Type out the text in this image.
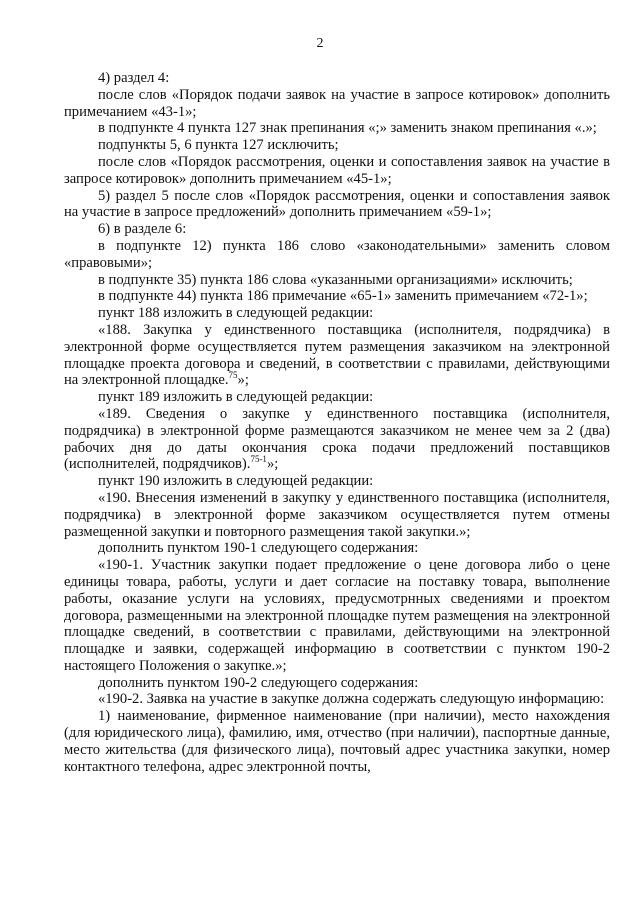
2

4) раздел 4:

после слов «Порядок подачи заявок на участие в запросе котировок» дополнить примечанием «43-1»;

в подпункте 4 пункта 127 знак препинания «;» заменить знаком препинания «.»;

подпункты 5, 6 пункта 127 исключить;

после слов «Порядок рассмотрения, оценки и сопоставления заявок на участие в запросе котировок» дополнить примечанием «45-1»;

5) раздел 5 после слов «Порядок рассмотрения, оценки и сопоставления заявок на участие в запросе предложений» дополнить примечанием «59-1»;

6) в разделе 6:

в подпункте 12) пункта 186 слово «законодательными» заменить словом «правовыми»;

в подпункте 35) пункта 186 слова «указанными организациями» исключить;

в подпункте 44) пункта 186 примечание «65-1» заменить примечанием «72-1»;

пункт 188 изложить в следующей редакции:

«188. Закупка у единственного поставщика (исполнителя, подрядчика) в электронной форме осуществляется путем размещения заказчиком на электронной площадке проекта договора и сведений, в соответствии с правилами, действующими на электронной площадке.$^{75}$»;

пункт 189 изложить в следующей редакции:

«189. Сведения о закупке у единственного поставщика (исполнителя, подрядчика) в электронной форме размещаются заказчиком не менее чем за 2 (два) рабочих дня до даты окончания срока подачи предложений поставщиков (исполнителей, подрядчиков).$^{75-1}$»;

пункт 190 изложить в следующей редакции:

«190. Внесения изменений в закупку у единственного поставщика (исполнителя, подрядчика) в электронной форме заказчиком осуществляется путем отмены размещенной закупки и повторного размещения такой закупки.»;

дополнить пунктом 190-1 следующего содержания:

«190-1. Участник закупки подает предложение о цене договора либо о цене единицы товара, работы, услуги и дает согласие на поставку товара, выполнение работы, оказание услуги на условиях, предусмотрнных сведениями и проектом договора, размещенными на электронной площадке путем размещения на электронной площадке сведений, в соответствии с правилами, действующими на электронной площадке и заявки, содержащей информацию в соответствии с пунктом 190-2 настоящего Положения о закупке.»;

дополнить пунктом 190-2 следующего содержания:

«190-2. Заявка на участие в закупке должна содержать следующую информацию:

1) наименование, фирменное наименование (при наличии), место нахождения (для юридического лица), фамилию, имя, отчество (при наличии), паспортные данные, место жительства (для физического лица), почтовый адрес участника закупки, номер контактного телефона, адрес электронной почты,
